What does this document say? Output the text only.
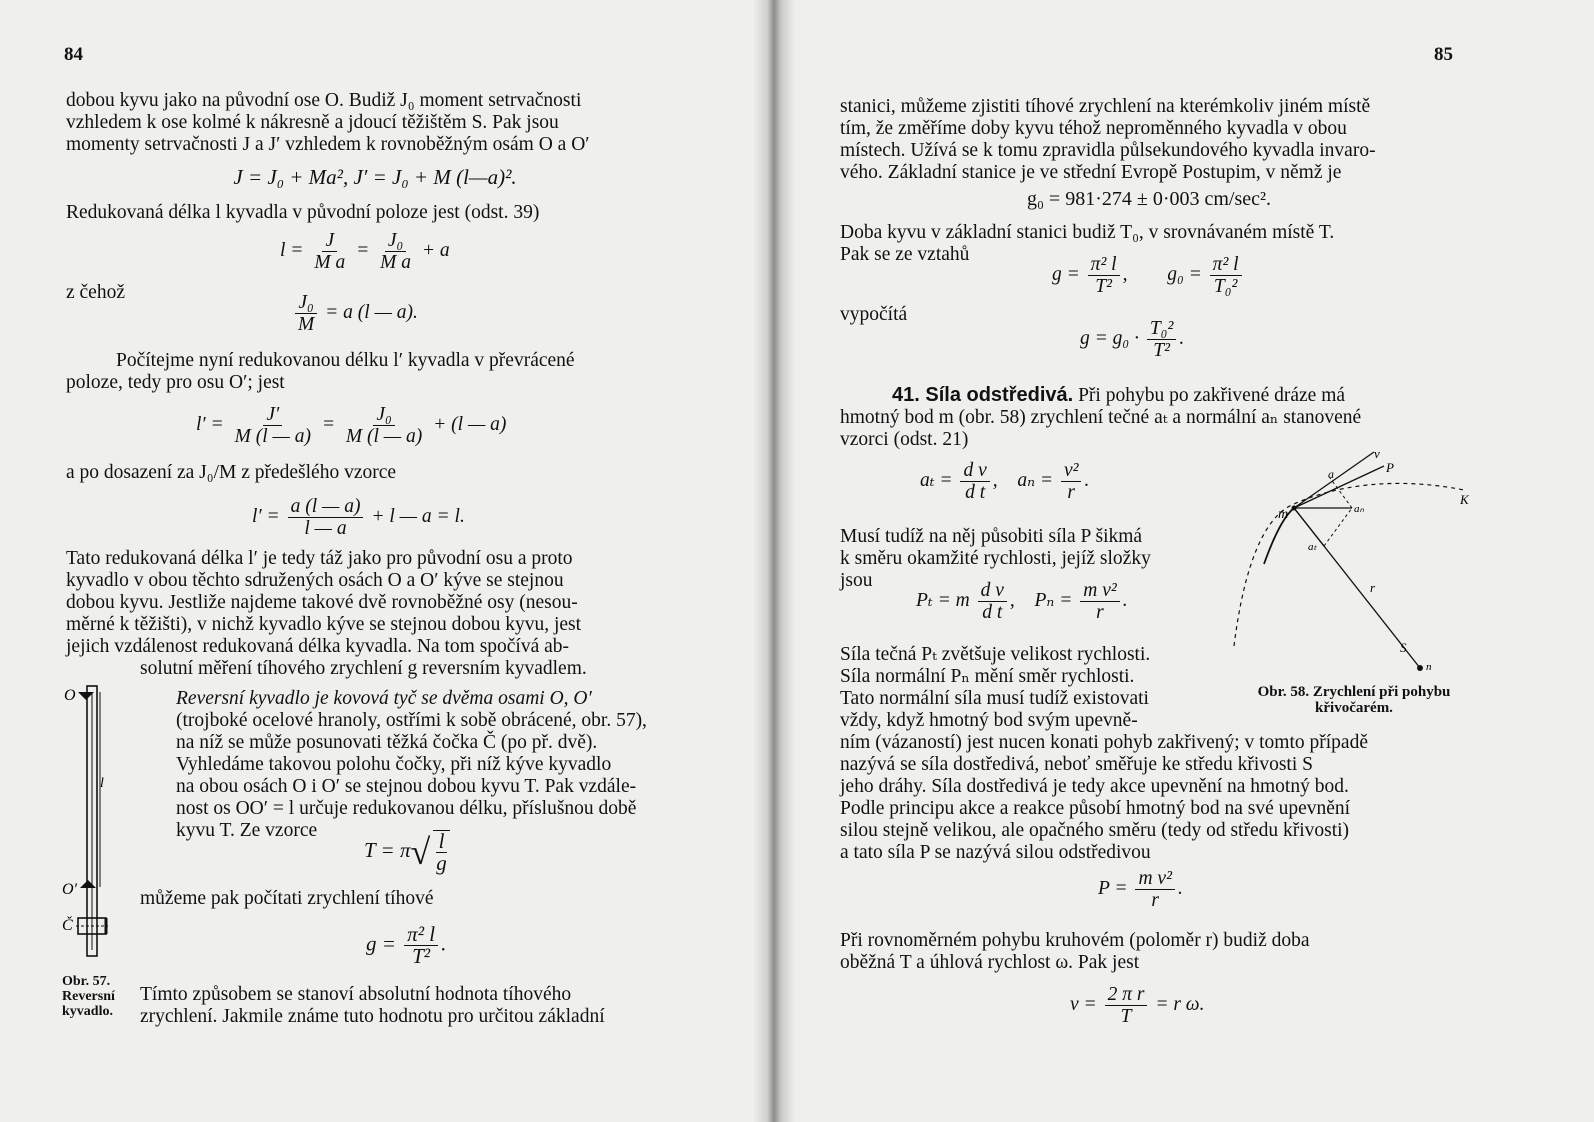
84
dobou kyvu jako na původní ose O. Budiž J₀ moment setrvačnosti
vzhledem k ose kolmé k nákresně a jdoucí těžištěm S. Pak jsou
momenty setrvačnosti J a J′ vzhledem k rovnoběžným osám O a O′
J = J₀ + Ma², J′ = J₀ + M (l—a)².
Redukovaná délka l kyvadla v původní poloze jest (odst. 39)
$l = \frac{J}{\text{M a}} = \frac{\text{J₀}}{\text{M a}} + a$
z čehož	$\frac{\text{J₀}}{M} = a$ (l — a).
Počítejme nyní redukovanou délku l′ kyvadla v převrácené
poloze, tedy pro osu O′; jest
$l' = \frac{J'}{M (l — a)} = \frac{\text{J₀}}{M (l — a)} + (l$ — a)
a po dosazení za J₀/M z předešlého vzorce
$l' = \frac{a (l — a)}{l — a} + l$ — a = l.
Tato redukovaná délka l′ je tedy táž jako pro původní osu a proto
kyvadlo v obou těchto sdružených osách O a O′ kýve se stejnou
dobou kyvu. Jestliže najdeme takové dvě rovnoběžné osy (nesou-
měrné k těžišti), v nichž kyvadlo kýve se stejnou dobou kyvu, jest
jejich vzdálenost redukovaná délka kyvadla. Na tom spočívá ab-
solutní měření tíhového zrychlení g reversním kyvadlem.
O
O′
Č
l
Reversní kyvadlo je kovová tyč se dvěma osami O, O′
(trojboké ocelové hranoly, ostřími k sobě obrácené, obr. 57),
na níž se může posunovati těžká čočka Č (po př. dvě).
Vyhledáme takovou polohu čočky, při níž kýve kyvadlo
na obou osách O i O′ se stejnou dobou kyvu T. Pak vzdále-
nost os OO′ = l určuje redukovanou délku, příslušnou době
kyvu T. Ze vzorce
$T = \pi√ \frac{l}{g}$
můžeme pak počítati zrychlení tíhové
$g = \frac{\text{π² l}}{\text{T²}}$ .
Obr. 57.
Reversní
kyvadlo.
Tímto způsobem se stanoví absolutní hodnota tíhového
zrychlení. Jakmile známe tuto hodnotu pro určitou základní
85
stanici, můžeme zjistiti tíhové zrychlení na kterémkoliv jiném místě
tím, že změříme doby kyvu téhož neproměnného kyvadla v obou
místech. Užívá se k tomu zpravidla půlsekundového kyvadla invaro-
vého. Základní stanice je ve střední Evropě Postupim, v němž je
g₀ = 981·274 ± 0·003 cm/sec².
Doba kyvu v základní stanici budiž T₀, v srovnávaném místě T.
Pak se ze vztahů
$g = \frac{\text{π² l}}{\text{T²}}$ , $g_0 = \frac{\text{π² l}}{\text{T₀²}}$
vypočítá
$g = g_0 \cdot \frac{\text{T₀²}}{\text{T²}}$ .
41. Síla odstředivá. Při pohybu po zakřivené dráze má
hmotný bod m (obr. 58) zrychlení tečné aₜ a normální aₙ stanovené
vzorci (odst. 21)
$a_t = \frac{\text{d v}}{\text{d t}}$ , $a_n = \frac{\text{v²}}{r}$ .
Musí tudíž na něj působiti síla P šikmá
k směru okamžité rychlosti, jejíž složky
jsou
Pₜ = m $\frac{\text{d v}}{\text{d t}}$ , $P_n = \frac{\text{m v²}}{r}$ .
Síla tečná Pₜ zvětšuje velikost rychlosti.
Síla normální Pₙ mění směr rychlosti.
Tato normální síla musí tudíž existovati
vždy, když hmotný bod svým upevně-
m
r
S
K
v
P
a
aₜ
aₙ
n
Obr. 58. Zrychlení při pohybu
křivočarém.
ním (vázaností) jest nucen konati pohyb zakřivený; v tomto případě
nazývá se síla dostředivá, neboť směřuje ke středu křivosti S
jeho dráhy. Síla dostředivá je tedy akce upevnění na hmotný bod.
Podle principu akce a reakce působí hmotný bod na své upevnění
silou stejně velikou, ale opačného směru (tedy od středu křivosti)
a tato síla P se nazývá silou odstředivou
$P = \frac{\text{m v²}}{r}$ .
Při rovnoměrném pohybu kruhovém (poloměr r) budiž doba
oběžná T a úhlová rychlost ω. Pak jest
$v = \frac{\text{2 π r}}{T} = r$ ω.
